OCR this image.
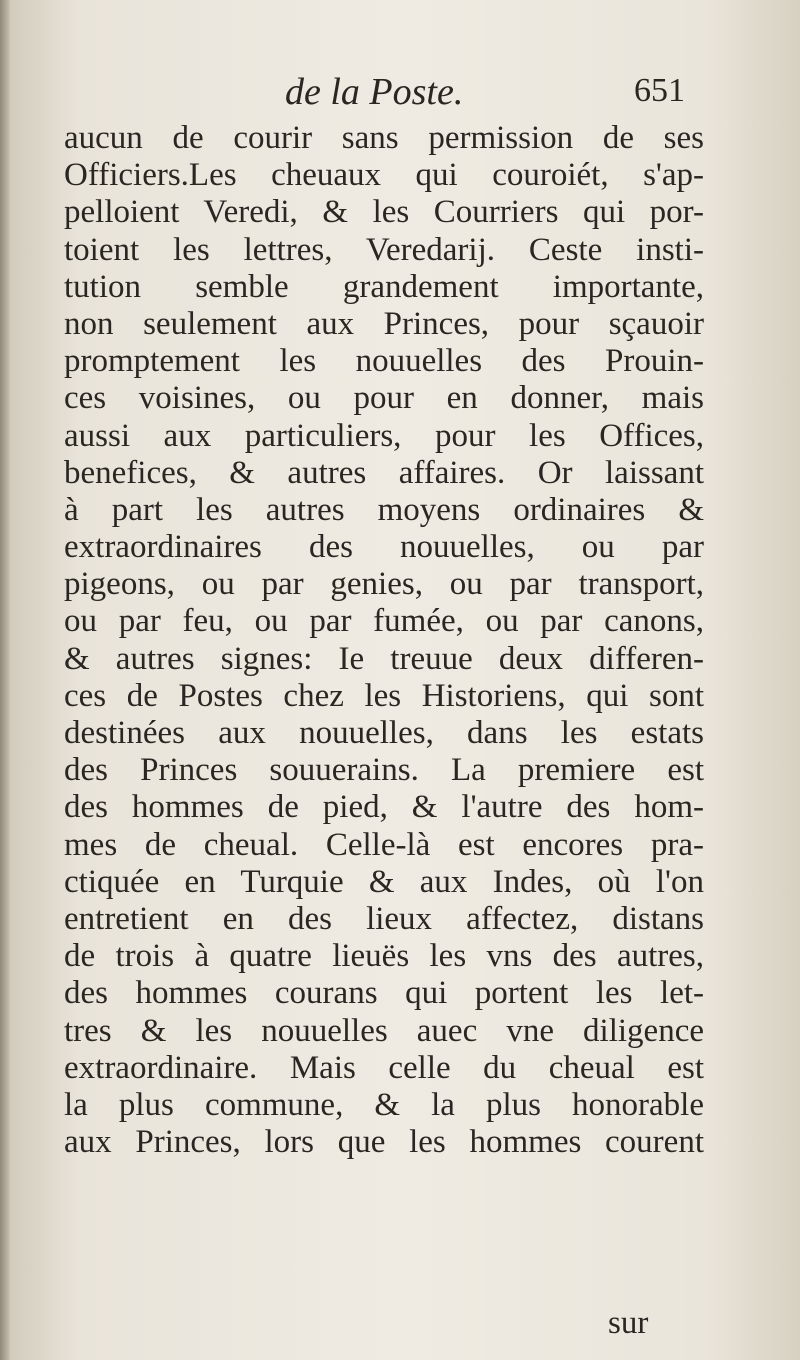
de la Poste.	651
aucun de courir sans permission de ses
Officiers.Les cheuaux qui couroiét, s'ap-
pelloient Veredi, & les Courriers qui por-
toient les lettres, Veredarij. Ceste insti-
tution semble grandement importante,
non seulement aux Princes, pour sçauoir
promptement les nouuelles des Prouin-
ces voisines, ou pour en donner, mais
aussi aux particuliers, pour les Offices,
benefices, & autres affaires. Or laissant
à part les autres moyens ordinaires &
extraordinaires des nouuelles, ou par
pigeons, ou par genies, ou par transport,
ou par feu, ou par fumée, ou par canons,
& autres signes: Ie treuue deux differen-
ces de Postes chez les Historiens, qui sont
destinées aux nouuelles, dans les estats
des Princes souuerains. La premiere est
des hommes de pied, & l'autre des hom-
mes de cheual. Celle-là est encores pra-
ctiquée en Turquie & aux Indes, où l'on
entretient en des lieux affectez, distans
de trois à quatre lieuës les vns des autres,
des hommes courans qui portent les let-
tres & les nouuelles auec vne diligence
extraordinaire. Mais celle du cheual est
la plus commune, & la plus honorable
aux Princes, lors que les hommes courent
sur
